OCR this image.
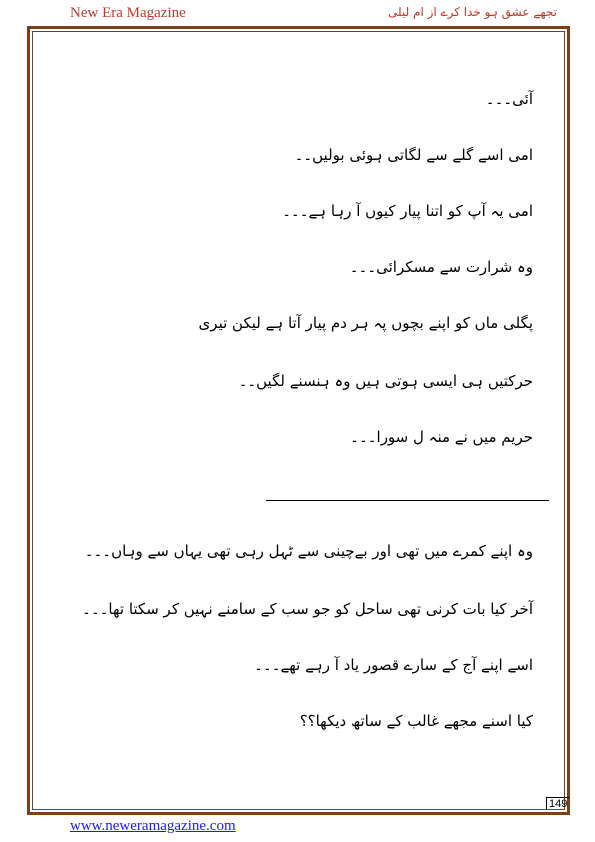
New Era Magazine	تجھے عشق ہو خدا کرے از ام لیلی
آئی۔۔۔
امی اسے گلے سے لگاتی ہوئی بولیں۔۔
امی یہ آپ کو اتنا پیار کیوں آ رہا ہے۔۔۔
وہ شرارت سے مسکرائی۔۔۔
پگلی ماں کو اپنے بچوں پہ ہر دم پیار آتا ہے لیکن تیری
حرکتیں ہی ایسی ہوتی ہیں وہ ہنسنے لگیں۔۔
حریم میں نے منہ ل سورا۔۔۔
وہ اپنے کمرے میں تھی اور بےچینی سے ٹہل رہی تھی یہاں سے وہاں۔۔۔
آخر کیا بات کرنی تھی ساحل کو جو سب کے سامنے نہیں کر سکتا تھا۔۔۔
اسے اپنے آج کے سارے قصور یاد آ رہے تھے۔۔۔
کیا اسنے مجھے غالب کے ساتھ دیکھا؟؟
149
www.neweramagazine.com
